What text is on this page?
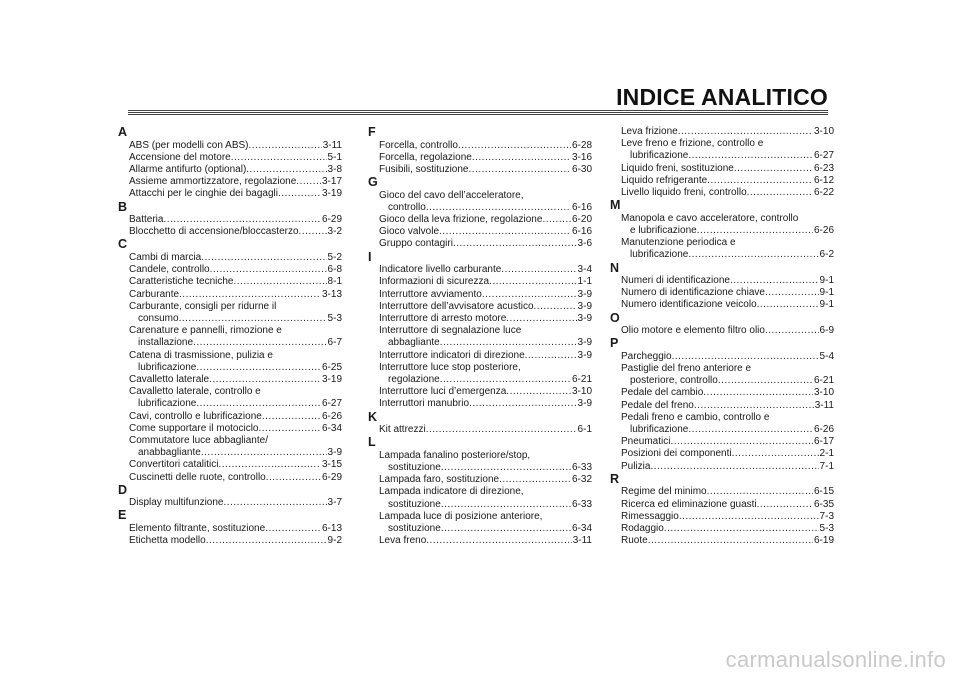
INDICE ANALITICO
A
ABS (per modelli con ABS) .....	3-11
Accensione del motore .....	5-1
Allarme antifurto (optional) .....	3-8
Assieme ammortizzatore, regolazione .....	3-17
Attacchi per le cinghie dei bagagli .....	3-19
B
Batteria .....	6-29
Blocchetto di accensione/bloccasterzo .....	3-2
C
Cambi di marcia .....	5-2
Candele, controllo .....	6-8
Caratteristiche tecniche .....	8-1
Carburante .....	3-13
Carburante, consigli per ridurne il
consumo .....	5-3
Carenature e pannelli, rimozione e
installazione .....	6-7
Catena di trasmissione, pulizia e
lubrificazione .....	6-25
Cavalletto laterale .....	3-19
Cavalletto laterale, controllo e
lubrificazione .....	6-27
Cavi, controllo e lubrificazione .....	6-26
Come supportare il motociclo .....	6-34
Commutatore luce abbagliante/
anabbagliante .....	3-9
Convertitori catalitici .....	3-15
Cuscinetti delle ruote, controllo .....	6-29
D
Display multifunzione .....	3-7
E
Elemento filtrante, sostituzione .....	6-13
Etichetta modello .....	9-2
F
Forcella, controllo .....	6-28
Forcella, regolazione .....	3-16
Fusibili, sostituzione .....	6-30
G
Gioco del cavo dell’acceleratore,
controllo .....	6-16
Gioco della leva frizione, regolazione .....	6-20
Gioco valvole .....	6-16
Gruppo contagiri .....	3-6
I
Indicatore livello carburante .....	3-4
Informazioni di sicurezza .....	1-1
Interruttore avviamento .....	3-9
Interruttore dell’avvisatore acustico .....	3-9
Interruttore di arresto motore .....	3-9
Interruttore di segnalazione luce
abbagliante .....	3-9
Interruttore indicatori di direzione .....	3-9
Interruttore luce stop posteriore,
regolazione .....	6-21
Interruttore luci d’emergenza .....	3-10
Interruttori manubrio .....	3-9
K
Kit attrezzi .....	6-1
L
Lampada fanalino posteriore/stop,
sostituzione .....	6-33
Lampada faro, sostituzione .....	6-32
Lampada indicatore di direzione,
sostituzione .....	6-33
Lampada luce di posizione anteriore,
sostituzione .....	6-34
Leva freno .....	3-11
Leva frizione .....	3-10
Leve freno e frizione, controllo e
lubrificazione .....	6-27
Liquido freni, sostituzione .....	6-23
Liquido refrigerante .....	6-12
Livello liquido freni, controllo .....	6-22
M
Manopola e cavo acceleratore, controllo
e lubrificazione .....	6-26
Manutenzione periodica e
lubrificazione .....	6-2
N
Numeri di identificazione .....	9-1
Numero di identificazione chiave .....	9-1
Numero identificazione veicolo .....	9-1
O
Olio motore e elemento filtro olio .....	6-9
P
Parcheggio .....	5-4
Pastiglie del freno anteriore e
posteriore, controllo .....	6-21
Pedale del cambio .....	3-10
Pedale del freno .....	3-11
Pedali freno e cambio, controllo e
lubrificazione .....	6-26
Pneumatici .....	6-17
Posizioni dei componenti .....	2-1
Pulizia .....	7-1
R
Regime del minimo .....	6-15
Ricerca ed eliminazione guasti .....	6-35
Rimessaggio .....	7-3
Rodaggio .....	5-3
Ruote .....	6-19
carmanualsonline.info
